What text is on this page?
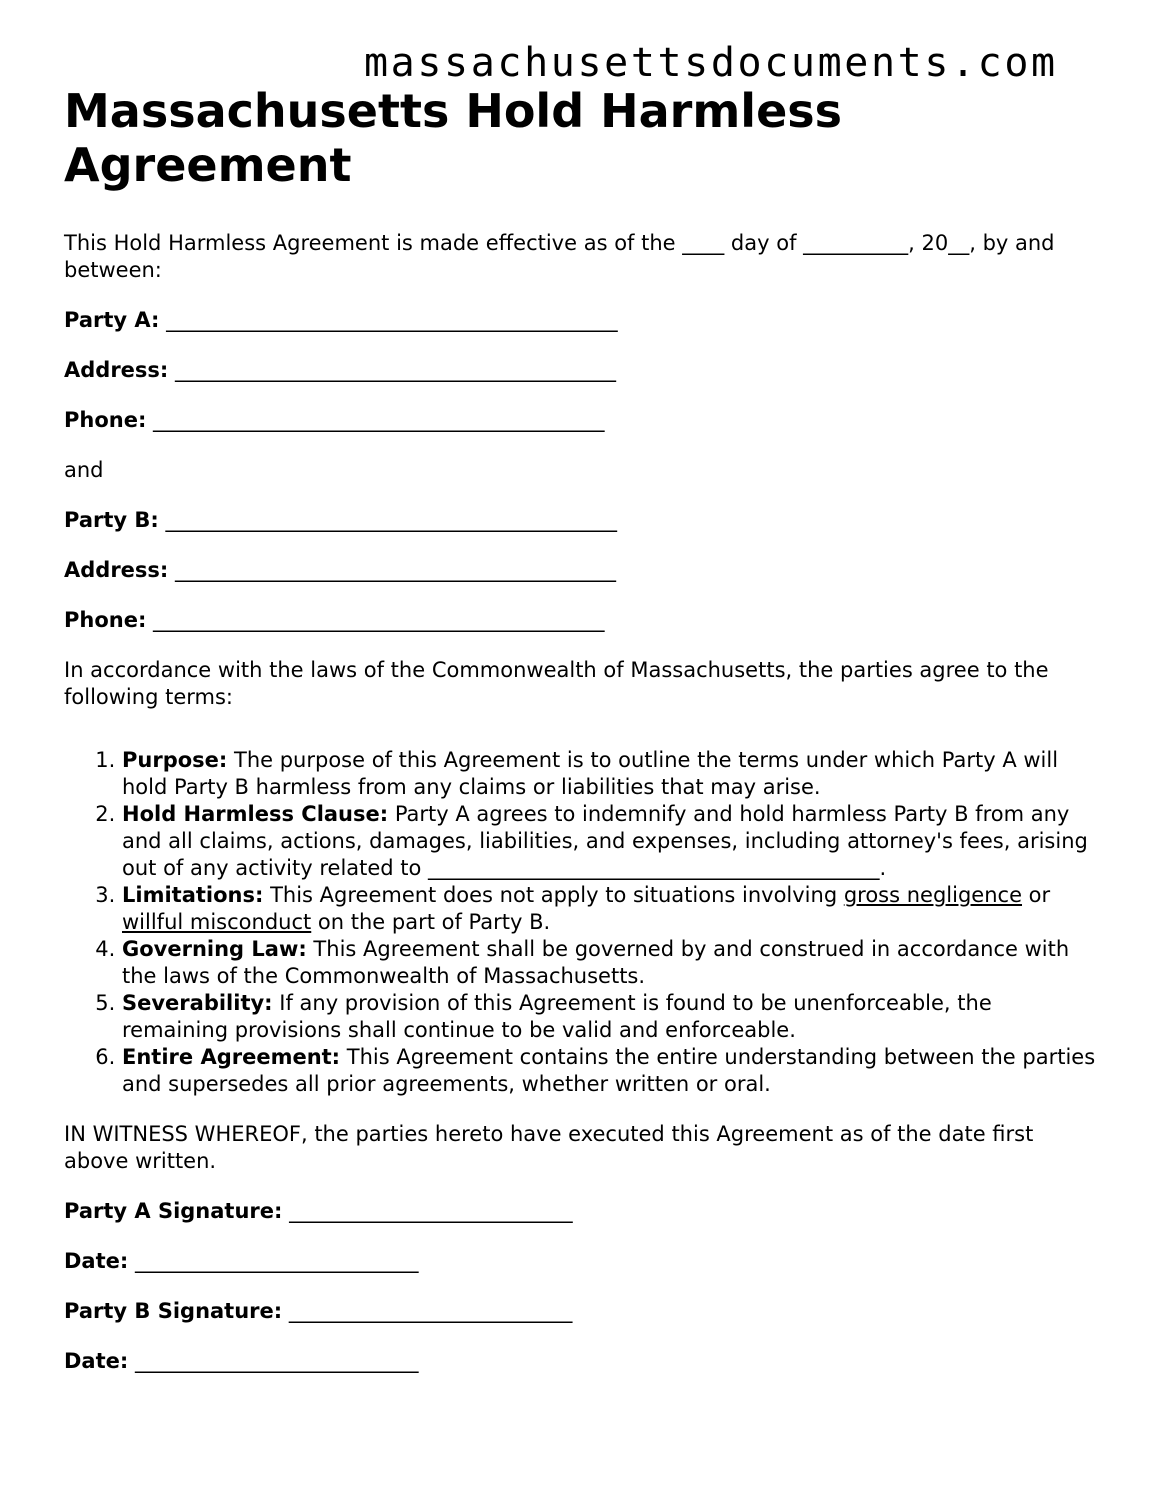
massachusettsdocuments.com
Massachusetts Hold Harmless Agreement

This Hold Harmless Agreement is made effective as of the ____ day of __________, 20__, by and between:

Party A: ___________________________________________

Address: __________________________________________

Phone: ___________________________________________

and

Party B: ___________________________________________

Address: __________________________________________

Phone: ___________________________________________

In accordance with the laws of the Commonwealth of Massachusetts, the parties agree to the following terms:

1. Purpose: The purpose of this Agreement is to outline the terms under which Party A will hold Party B harmless from any claims or liabilities that may arise.
2. Hold Harmless Clause: Party A agrees to indemnify and hold harmless Party B from any and all claims, actions, damages, liabilities, and expenses, including attorney's fees, arising out of any activity related to ___________________________________________.
3. Limitations: This Agreement does not apply to situations involving gross negligence or willful misconduct on the part of Party B.
4. Governing Law: This Agreement shall be governed by and construed in accordance with the laws of the Commonwealth of Massachusetts.
5. Severability: If any provision of this Agreement is found to be unenforceable, the remaining provisions shall continue to be valid and enforceable.
6. Entire Agreement: This Agreement contains the entire understanding between the parties and supersedes all prior agreements, whether written or oral.

IN WITNESS WHEREOF, the parties hereto have executed this Agreement as of the date first above written.

Party A Signature: ___________________________

Date: ___________________________

Party B Signature: ___________________________

Date: ___________________________
